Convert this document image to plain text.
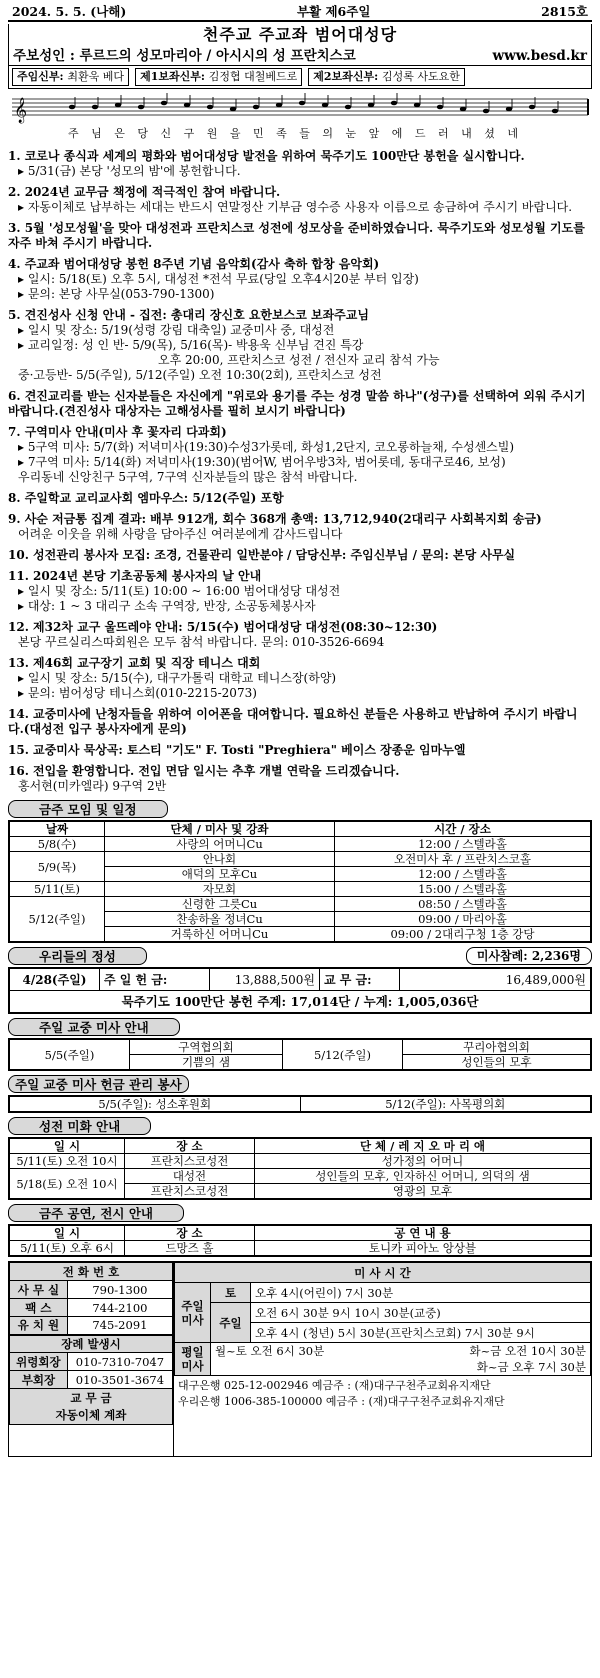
2024. 5. 5. (나해)	부활 제6주일	2815호
천주교 주교좌 범어대성당
주보성인 : 루르드의 성모마리아 / 아시시의 성 프란치스코	www.besd.kr
주임신부: 최환욱 베다	제1보좌신부: 김정협 대철베드로	제2보좌신부: 김성록 사도요한
𝄞
주 님 은 당 신 구 원 을 민 족 들 의 눈 앞 에 드 러 내 셨 네
1. 코로나 종식과 세계의 평화와 범어대성당 발전을 위하여 묵주기도 100만단 봉헌을 실시합니다.
▸ 5/31(금) 본당 '성모의 밤'에 봉헌합니다.
2. 2024년 교무금 책정에 적극적인 참여 바랍니다.
▸ 자동이체로 납부하는 세대는 반드시 연말정산 기부금 영수증 사용자 이름으로 송금하여 주시기 바랍니다.
3. 5월 '성모성월'을 맞아 대성전과 프란치스코 성전에 성모상을 준비하였습니다. 묵주기도와 성모성월 기도를 자주 바쳐 주시기 바랍니다.
4. 주교좌 범어대성당 봉헌 8주년 기념 음악회(감사 축하 합창 음악회)
▸ 일시: 5/18(토) 오후 5시, 대성전 *전석 무료(당일 오후4시20분 부터 입장)
▸ 문의: 본당 사무실(053-790-1300)
5. 견진성사 신청 안내 - 집전: 총대리 장신호 요한보스코 보좌주교님
▸ 일시 및 장소: 5/19(성령 강림 대축일) 교중미사 중, 대성전
▸ 교리일정: 성 인 반- 5/9(목), 5/16(목)- 박용욱 신부님 견진 특강
오후 20:00, 프란치스코 성전 / 전신자 교리 참석 가능
중·고등반- 5/5(주일), 5/12(주일) 오전 10:30(2회), 프란치스코 성전
6. 견진교리를 받는 신자분들은 자신에게 "위로와 용기를 주는 성경 말씀 하나"(성구)를 선택하여 외워 주시기 바랍니다.(견진성사 대상자는 고해성사를 필히 보시기 바랍니다)
7. 구역미사 안내(미사 후 꽃자리 다과회)
▸ 5구역 미사: 5/7(화) 저녁미사(19:30)수성3가롯데, 화성1,2단지, 코오롱하늘채, 수성센스빌)
▸ 7구역 미사: 5/14(화) 저녁미사(19:30)(범어W, 범어우방3차, 범어롯데, 동대구로46, 보성)
우리동네 신앙친구 5구역, 7구역 신자분들의 많은 참석 바랍니다.
8. 주일학교 교리교사회 엠마우스: 5/12(주일) 포항
9. 사순 저금통 집계 결과: 배부 912개, 회수 368개 총액: 13,712,940(2대리구 사회복지회 송금)
어려운 이웃을 위해 사랑을 담아주신 여러분에게 감사드립니다
10. 성전관리 봉사자 모집: 조경, 건물관리 일반분야 / 담당신부: 주임신부님 / 문의: 본당 사무실
11. 2024년 본당 기초공동체 봉사자의 날 안내
▸ 일시 및 장소: 5/11(토) 10:00 ~ 16:00 범어대성당 대성전
▸ 대상: 1 ~ 3 대리구 소속 구역장, 반장, 소공동체봉사자
12. 제32차 교구 울뜨레야 안내: 5/15(수) 범어대성당 대성전(08:30~12:30)
본당 꾸르실리스따회원은 모두 참석 바랍니다. 문의: 010-3526-6694
13. 제46회 교구장기 교회 및 직장 테니스 대회
▸ 일시 및 장소: 5/15(수), 대구가톨릭 대학교 테니스장(하양)
▸ 문의: 범어성당 테니스회(010-2215-2073)
14. 교중미사에 난청자들을 위하여 이어폰을 대여합니다. 필요하신 분들은 사용하고 반납하여 주시기 바랍니다.(대성전 입구 봉사자에게 문의)
15. 교중미사 묵상곡: 토스티 "기도" F. Tosti "Preghiera" 베이스 장종운 임마누엘
16. 전입을 환영합니다. 전입 면담 일시는 추후 개별 연락을 드리겠습니다.
홍서현(미카엘라) 9구역 2반
금주 모임 및 일정
날짜	단체 / 미사 및 강좌	시간 / 장소
5/8(수)	사랑의 어머니Cu	12:00 / 스텔라홀
5/9(목)	안나회	오전미사 후 / 프란치스코홀
	애덕의 모후Cu	12:00 / 스텔라홀
5/11(토)	자모회	15:00 / 스텔라홀
5/12(주일)	신령한 그릇Cu	08:50 / 스텔라홀
	찬송하올 정녀Cu	09:00 / 마리아홀
	거룩하신 어머니Cu	09:00 / 2대리구청 1층 강당
우리들의 정성	미사참례: 2,236명
4/28(주일)	주 일 헌 금:	13,888,500원	교 무 금:	16,489,000원
묵주기도 100만단 봉헌 주계: 17,014단 / 누계: 1,005,036단
주일 교중 미사 안내
5/5(주일)	구역협의회	5/12(주일)	꾸리아협의회
	기쁨의 샘		성인들의 모후
주일 교중 미사 헌금 관리 봉사
5/5(주일): 성소후원회	5/12(주일): 사목평의회
성전 미화 안내
일 시	장 소	단 체 / 레 지 오 마 리 애
5/11(토) 오전 10시	프란치스코성전	성가정의 어머니
5/18(토) 오전 10시	대성전	성인들의 모후, 인자하신 어머니, 의덕의 샘
	프란치스코성전	영광의 모후
금주 공연, 전시 안내
일 시	장 소	공 연 내 용
5/11(토) 오후 6시	드망즈 홀	토니카 피아노 앙상블
전 화 번 호	
사 무 실	790-1300
팩 스	744-2100
유 치 원	745-2091
장례 발생시	
위령회장	010-7310-7047
부회장	010-3501-3674
교 무 금	
자동이체 계좌	
미 사 시 간		
주일 미사	토	오후 4시(어린이) 7시 30분
	주일	오전 6시 30분 9시 10시 30분(교중)
		오후 4시 (청년) 5시 30분(프란치스코회) 7시 30분 9시
평일 미사	월~토 오전 6시 30분 화~금 오전 10시 30분
화~금 오후 7시 30분	

대구은행 025-12-002946 예금주 : (재)대구구천주교회유지재단
우리은행 1006-385-100000 예금주 : (재)대구구천주교회유지재단
